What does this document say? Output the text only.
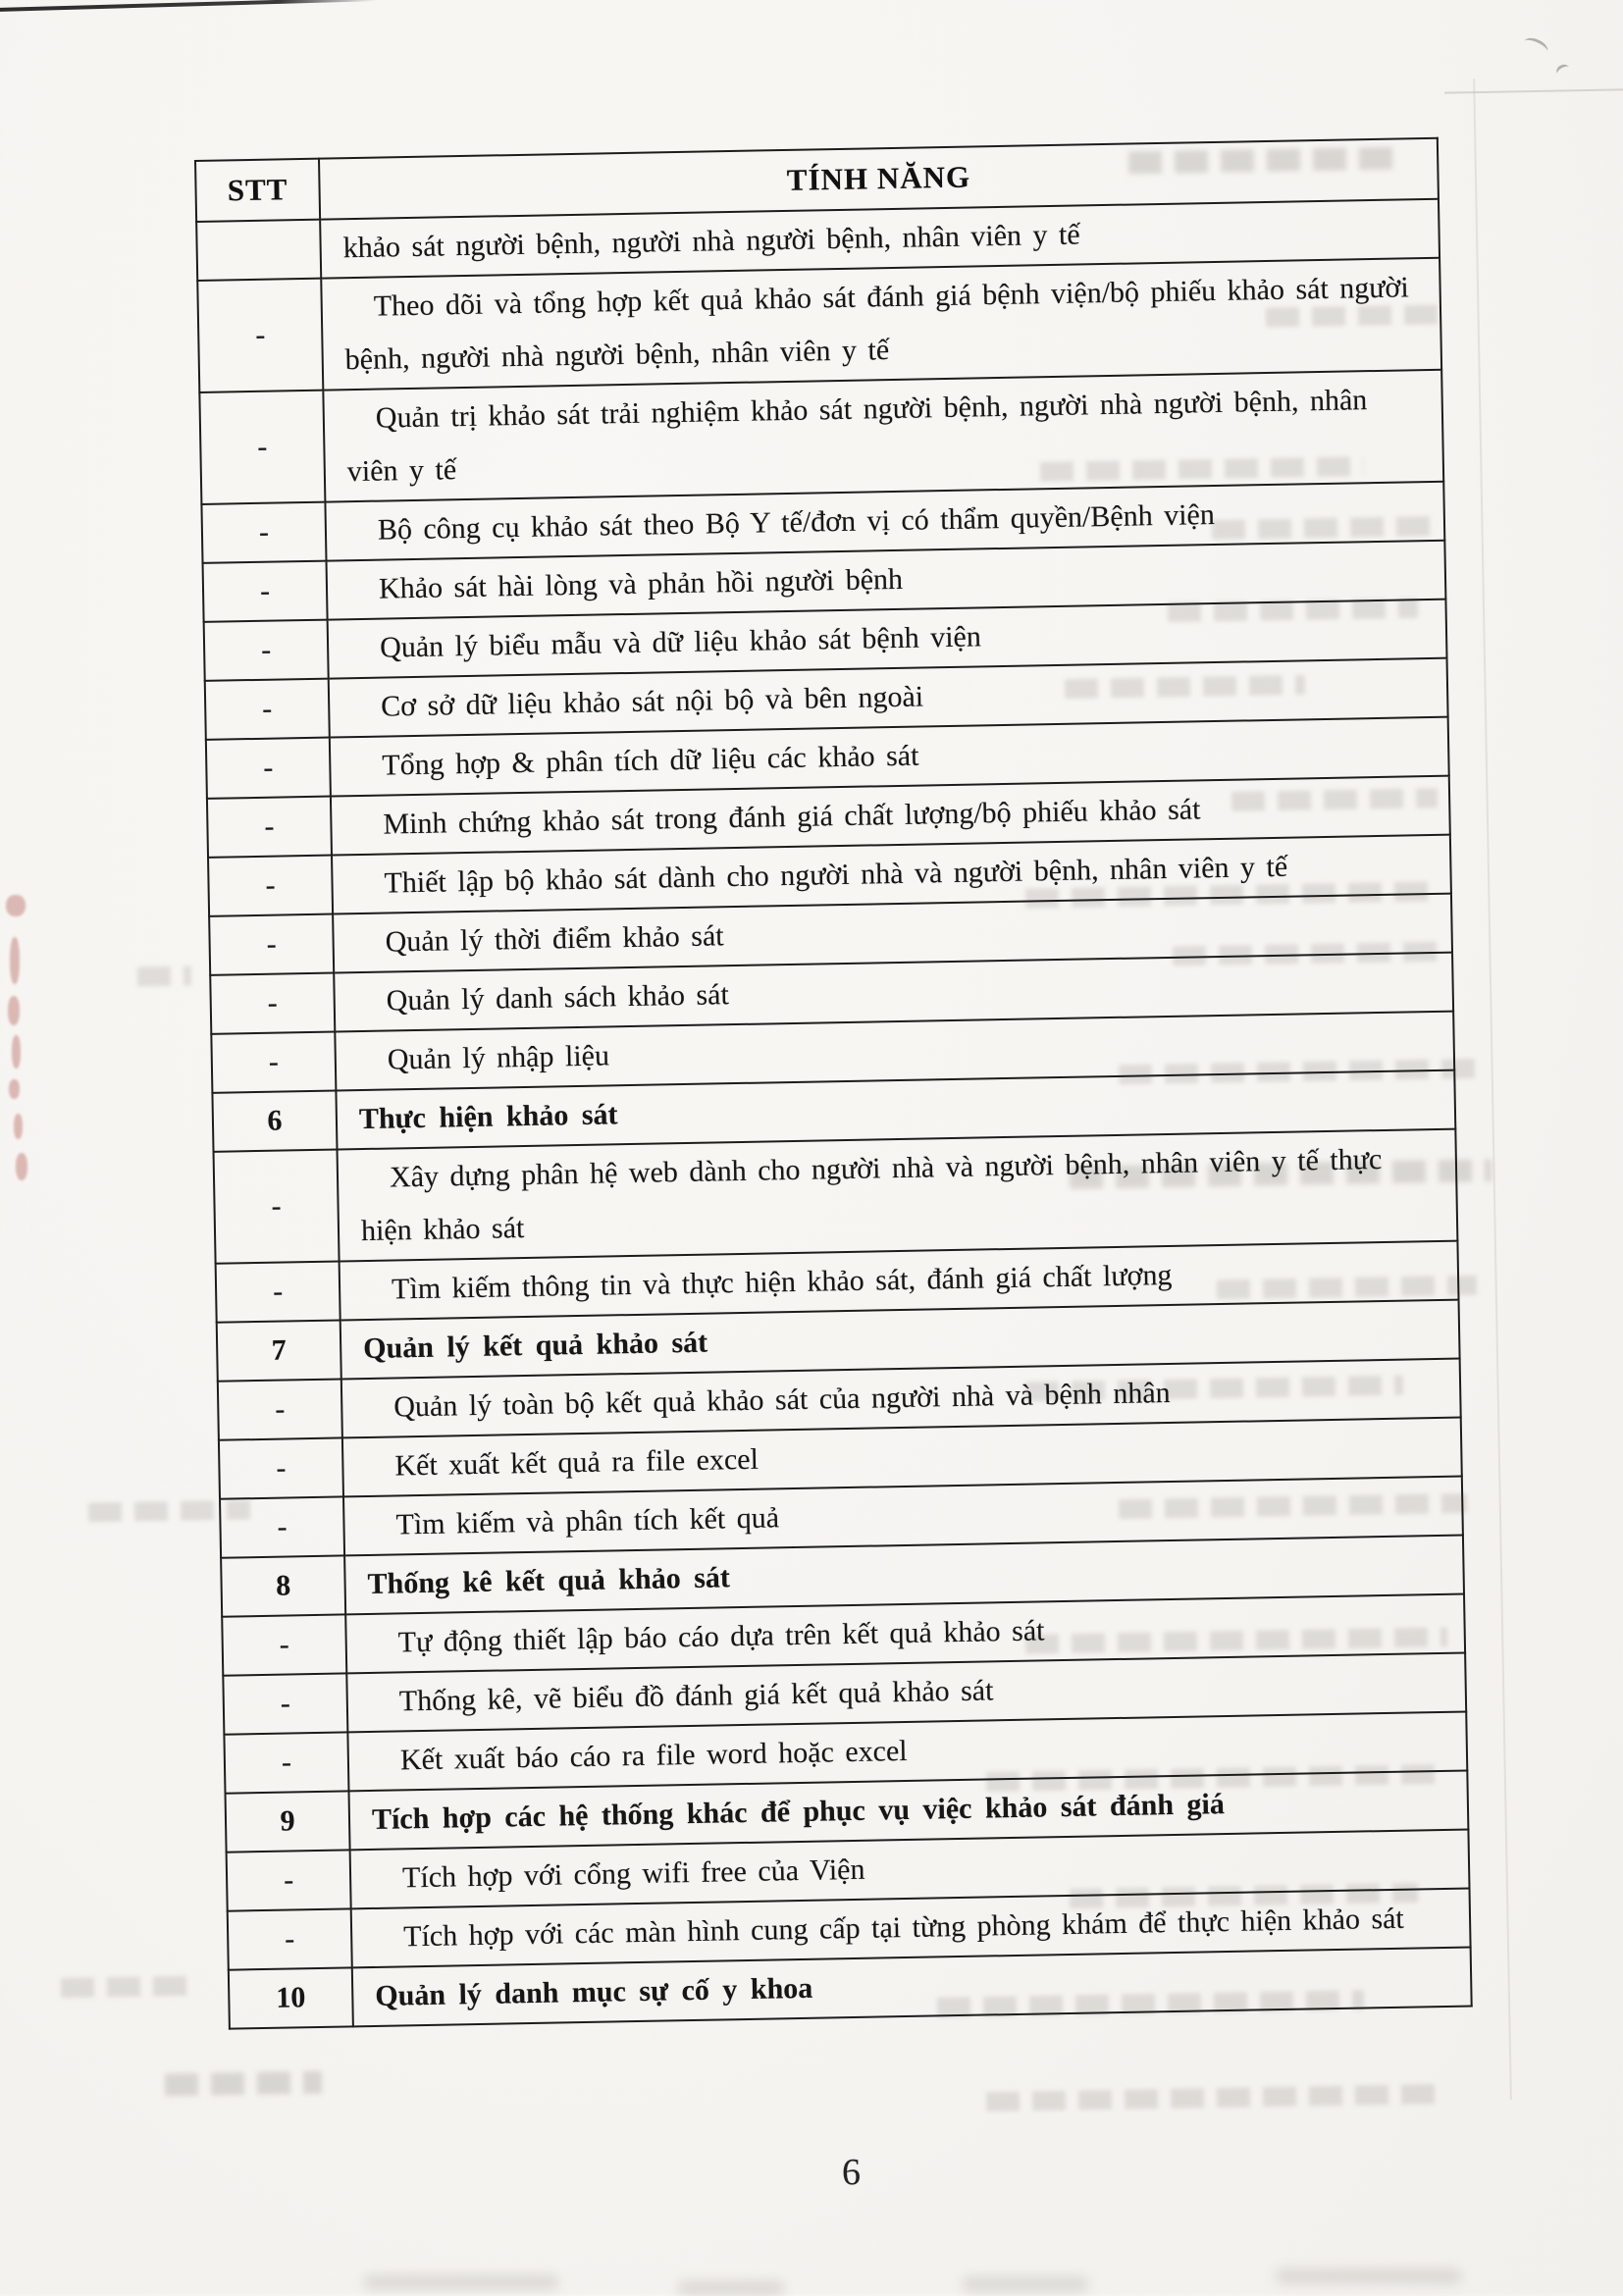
STT	TÍNH NĂNG
	khảo sát người bệnh, người nhà người bệnh, nhân viên y tế
-	Theo dõi và tổng hợp kết quả khảo sát đánh giá bệnh viện/bộ phiếu khảo sát người bệnh, người nhà người bệnh, nhân viên y tế
-	Quản trị khảo sát trải nghiệm khảo sát người bệnh, người nhà người bệnh, nhân viên y tế
-	Bộ công cụ khảo sát theo Bộ Y tế/đơn vị có thẩm quyền/Bệnh viện
-	Khảo sát hài lòng và phản hồi người bệnh
-	Quản lý biểu mẫu và dữ liệu khảo sát bệnh viện
-	Cơ sở dữ liệu khảo sát nội bộ và bên ngoài
-	Tổng hợp & phân tích dữ liệu các khảo sát
-	Minh chứng khảo sát trong đánh giá chất lượng/bộ phiếu khảo sát
-	Thiết lập bộ khảo sát dành cho người nhà và người bệnh, nhân viên y tế
-	Quản lý thời điểm khảo sát
-	Quản lý danh sách khảo sát
-	Quản lý nhập liệu
6	Thực hiện khảo sát
-	Xây dựng phân hệ web dành cho người nhà và người bệnh, nhân viên y tế thực hiện khảo sát
-	Tìm kiếm thông tin và thực hiện khảo sát, đánh giá chất lượng
7	Quản lý kết quả khảo sát
-	Quản lý toàn bộ kết quả khảo sát của người nhà và bệnh nhân
-	Kết xuất kết quả ra file excel
-	Tìm kiếm và phân tích kết quả
8	Thống kê kết quả khảo sát
-	Tự động thiết lập báo cáo dựa trên kết quả khảo sát
-	Thống kê, vẽ biểu đồ đánh giá kết quả khảo sát
-	Kết xuất báo cáo ra file word hoặc excel
9	Tích hợp các hệ thống khác để phục vụ việc khảo sát đánh giá
-	Tích hợp với cổng wifi free của Viện
-	Tích hợp với các màn hình cung cấp tại từng phòng khám để thực hiện khảo sát
10	Quản lý danh mục sự cố y khoa
6
